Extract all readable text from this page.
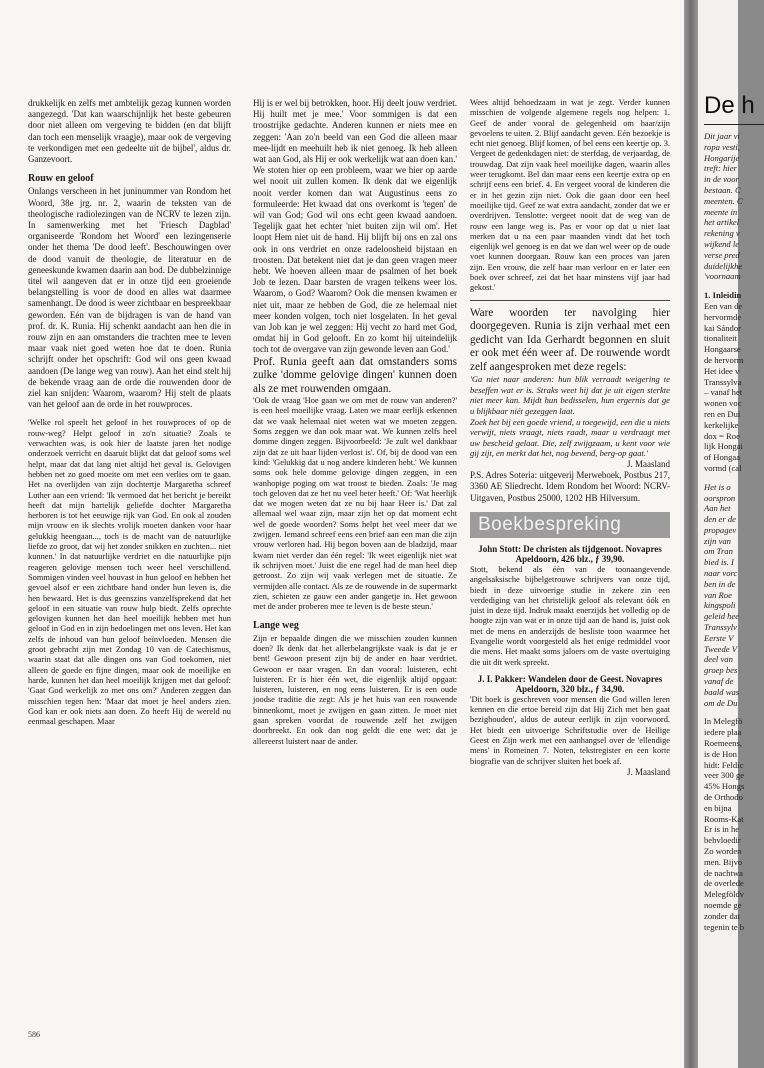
drukkelijk en zelfs met ambtelijk gezag kunnen worden aangezegd. 'Dat kan waarschijnlijk het beste gebeuren door niet alleen om vergeving te bidden (en dat blijft dan toch een menselijk vraagje), maar ook de vergeving te verkondigen met een gedeelte uit de bijbel', aldus dr. Ganzevoort.

Rouw en geloof

Onlangs verscheen in het juninummer van Rondom het Woord, 38e jrg. nr. 2, waarin de teksten van de theologische radiolezingen van de NCRV te lezen zijn. In samenwerking met het 'Friesch Dagblad' organiseerde 'Rondom het Woord' een lezingenserie onder het thema 'De dood leeft'. Beschouwingen over de dood vanuit de theologie, de literatuur en de geneeskunde kwamen daarin aan bod. De dubbelzinnige titel wil aangeven dat er in onze tijd een groeiende belangstelling is voor de dood en alles wat daarmee samenhangt. De dood is weer zichtbaar en bespreekbaar geworden. Eén van de bijdragen is van de hand van prof. dr. K. Runia. Hij schenkt aandacht aan hen die in rouw zijn en aan omstanders die trachten mee te leven maar vaak niet goed weten hoe dat te doen. Runia schrijft onder het opschrift: God wil ons geen kwaad aandoen (De lange weg van rouw). Aan het eind stelt hij de bekende vraag aan de orde die rouwenden door de ziel kan snijden: Waarom, waarom? Hij stelt de plaats van het geloof aan de orde in het rouwproces.

'Welke rol speelt het geloof in het rouwproces of op de rouw-weg? Helpt geloof in zo'n situatie? Zoals te verwachten was, is ook hier de laatste jaren het nodige onderzoek verricht en daaruit blijkt dat dat geloof soms wel helpt, maar dat dat lang niet altijd het geval is. Gelovigen hebben net zo goed moeite om met een verlies om te gaan. Het na overlijden van zijn dochtertje Margaretha schreef Luther aan een vriend: 'Ik vermoed dat het bericht je bereikt heeft dat mijn hartelijk geliefde dochter Margaretha herboren is tot het eeuwige rijk van God. En ook al zouden mijn vrouw en ik slechts vrolijk moeten danken voor haar gelukkig heengaan..., toch is de macht van de natuurlijke liefde zo groot, dat wij het zonder snikken en zuchten... niet kunnen.' In dat natuurlijke verdriet en die natuurlijke pijn reageren gelovige mensen toch weer heel verschillend. Sommigen vinden veel houvast in hun geloof en hebben het gevoel alsof er een zichtbare hand onder hun leven is, die hen bewaard. Het is dus geenszins vanzelfsprekend dat het geloof in een situatie van rouw hulp biedt. Zelfs oprechte gelovigen kunnen het dan heel moeilijk hebben met hun geloof in God en in zijn bedoelingen met ons leven. Het kan zelfs de inhoud van hun geloof beïnvloeden. Mensen die groot gebracht zijn met Zondag 10 van de Catechismus, waarin staat dat alle dingen ons van God toekomen, niet alleen de goede en fijne dingen, maar ook de moeilijke en harde, kunnen het dan heel moeilijk krijgen met dat geloof: 'Gaat God werkelijk zo met ons om?' Anderen zeggen dan misschien tegen hen: 'Maar dat moet je heel anders zien. God kan er ook niets aan doen. Zo heeft Hij de wereld nu eenmaal geschapen. Maar

Hij is er wel bij betrokken, hoor. Hij deelt jouw verdriet. Hij huilt met je mee.' Voor sommigen is dat een troostrijke gedachte. Anderen kunnen er niets mee en zeggen: 'Aan zo'n beeld van een God die alleen maar mee-lijdt en meehuilt heb ik niet genoeg. Ik heb alleen wat aan God, als Hij er ook werkelijk wat aan doen kan.' We stoten hier op een probleem, waar we hier op aarde wel nooit uit zullen komen. Ik denk dat we eigenlijk nooit verder komen dan wat Augustinus eens zo formuleerde: Het kwaad dat ons overkomt is 'tegen' de wil van God; God wil ons echt geen kwaad aandoen. Tegelijk gaat het echter 'niet buiten zijn wil om'. Het loopt Hem niet uit de hand. Hij blijft bij ons en zal ons ook in ons verdriet en onze radeloosheid bijstaan en troosten. Dat betekent niet dat je dan geen vragen meer hebt. We hoeven alleen maar de psalmen of het boek Job te lezen. Daar barsten de vragen telkens weer los. Waarom, o God? Waarom? Ook die mensen kwamen er niet uit, maar ze hebben de God, die ze helemaal niet meer konden volgen, toch niet losgelaten. In het geval van Job kan je wel zeggen: Hij vecht zo hard met God, omdat hij in God gelooft. En zo komt hij uiteindelijk toch tot de overgave van zijn gewonde leven aan God.'

Prof. Runia geeft aan dat omstanders soms zulke 'domme gelovige dingen' kunnen doen als ze met rouwenden omgaan.

'Ook de vraag 'Hoe gaan we om met de rouw van anderen?' is een heel moeilijke vraag. Laten we maar eerlijk erkennen dat we vaak helemaal niet weten wat we moeten zeggen. Soms zeggen we dan ook maar wat. We kunnen zelfs heel domme dingen zeggen. Bijvoorbeeld: 'Je zult wel dankbaar zijn dat ze uit haar lijden verlost is'. Of, bij de dood van een kind: 'Gelukkig dat u nog andere kinderen hebt.' We kunnen soms ook hele domme gelovige dingen zeggen, in een wanhopige poging om wat troost te bieden. Zoals: 'Je mag toch geloven dat ze het nu veel beter heeft.' Of: 'Wat heerlijk dat we mogen weten dat ze nu bij haar Heer is.' Dat zal allemaal wel waar zijn, maar zijn het op dat moment echt wel de goede woorden? Soms helpt het veel meer dat we zwijgen. Iemand schreef eens een brief aan een man die zijn vrouw verloren had. Hij begon boven aan de bladzijd, maar kwam niet verder dan één regel: 'Ik weet eigenlijk niet wat ik schrijven moet.' Juist die ene regel had de man heel diep getroost. Zo zijn wij vaak verlegen met de situatie. Ze vermijden alle contact. Als ze de rouwende in de supermarkt zien, schieten ze gauw een ander gangetje in. Het gewoon met de ander proberen mee te leven is de beste steun.'

Lange weg

Zijn er bepaalde dingen die we misschien zouden kunnen doen? Ik denk dat het allerbelangrijkste vaak is dat je er bent! Gewoon present zijn bij de ander en haar verdriet. Gewoon er naar vragen. En dan vooral: luisteren, echt luisteren. Er is hier één wet, die eigenlijk altijd opgaat: luisteren, luisteren, en nog eens luisteren. Er is een oude joodse traditie die zegt: Als je het huis van een rouwende binnenkomt, moet je zwijgen en gaan zitten. Je moet niet gaan spreken voordat de rouwende zelf het zwijgen doorbreekt. En ook dan nog geldt die ene wet: dat je allereerst luistert naar de ander.

Wees altijd behoedzaam in wat je zegt. Verder kunnen misschien de volgende algemene regels nog helpen: 1. Geef de ander vooral de gelegenheid om haar/zijn gevoelens te uiten. 2. Blijf aandacht geven. Eén bezoekje is echt niet genoeg. Blijf komen, of bel eens een keertje op. 3. Vergeet de gedenkdagen niet: de sterfdag, de verjaardag, de trouwdag. Dat zijn vaak heel moeilijke dagen, waarin alles weer terugkomt. Bel dan maar eens een keertje extra op en schrijf eens een brief. 4. En vergeet vooral de kinderen die er in het gezin zijn niet. Ook die gaan door een heel moeilijke tijd. Geef ze wat extra aandacht, zonder dat we er overdrijven. Tenslotte: vergeet nooit dat de weg van de rouw een lange weg is. Pas er voor op dat u niet laat merken dat u na een paar maanden vindt dat het toch eigenlijk wel genoeg is en dat we dan wel weer op de oude voet kunnen doorgaan. Rouw kan een proces van jaren zijn. Een vrouw, die zelf haar man verloor en er later een boek over schreef, zei dat het haar minstens vijf jaar had gekost.'

Ware woorden ter navolging hier doorgegeven. Runia is zijn verhaal met een gedicht van Ida Gerhardt begonnen en sluit er ook met één weer af. De rouwende wordt zelf aangesproken met deze regels:

'Ga niet naar anderen: hun blik verraadt weigering te beseffen wat er is. Straks weet hij dat je uit eigen sterkte niet meer kan. Mijdt hun bedisselen, hun ergernis dat ge u blijkbaar niét gezeggen laat.

Zoek het bij een goede vriend, u toegewijd, een die u niets verwijt, niets vraagt, niets raadt, maar u verdraagt met uw bescheid gelaat. Die, zelf zwijgzaam, u kent voor wie gij zijt, en merkt dat het, nog bevend, berg-op gaat.'

J. Maasland

P.S. Adres Soteria: uitgeverij Merweboek, Postbus 217, 3360 AE Sliedrecht. Idem Rondom het Woord: NCRV-Uitgaven, Postbus 25000, 1202 HB Hilversum.

Boekbespreking

John Stott: De christen als tijdgenoot. Novapres Apeldoorn, 426 blz., ƒ 39,90.

Stott, bekend als één van de toonaangevende angelsaksische bijbelgetrouwe schrijvers van onze tijd, biedt in deze uitvoerige studie in zekere zin een verdediging van het christelijk geloof als relevant óók en juist in deze tijd. Indruk maakt enerzijds het volledig op de hoogte zijn van wat er in onze tijd aan de hand is, juist ook met de mens en anderzijds de besliste toon waarmee het Evangelie wordt voorgesteld als het enige redmiddel voor die mens. Het maakt soms jaloers om de vaste overtuiging die uit dit werk spreekt.

J. I. Pakker: Wandelen door de Geest. Novapres Apeldoorn, 320 blz., ƒ 34,90.

'Dit boek is geschreven voor mensen die God willen leren kennen en die ertoe bereid zijn dat Hij Zich met hen gaat bezighouden', aldus de auteur eerlijk in zijn voorwoord. Het biedt een uitvoerige Schriftstudie over de Heilige Geest en Zijn werk met een aanhangsel over de 'ellendige mens' in Romeinen 7. Noten, tekstregister en een korte biografie van de schrijver sluiten het boek af.

J. Maasland

586
De h
Dit jaar vi
ropa vesti,
Hongarije
treft: hier
in de voor
bestaan. C
meenten. C
meente in
het artikel
rekening v
wijkend le
verse pred
duidelijkhe
'voornaam
1. Inleidin
Een van de
hervormde
kai Sándor
tionaliteit
Hongaarse
de hervorm
Het idee v
Transsylva
– vanaf het
wonen voc
ren en Dui
kerkelijke
dox = Roe
lijk Hongai
of Hongaa
vormd (cal
Het is o
oorspron
Aan het
den er de
propagev
zijn van
om Tran
bied is. I
naar vorc
ben in de
van Roe
kingspoli
geleid hee
Transsylv
Eerste V
Tweede V
deel van
groep bes
vanaf de
baald was
om de Du
In Melegfö
iedere plaa
Roemeens,
is de Hon
hidt: Feldic
veer 300 ge
45% Hongs
de Orthodo
en bijna
Rooms-Kat
Er is in he
behvloedir
Zo worden
men. Bijvo
de nachtwa
de overlede
Melegföldv
noemde ge
zonder dat
tegenin te b
